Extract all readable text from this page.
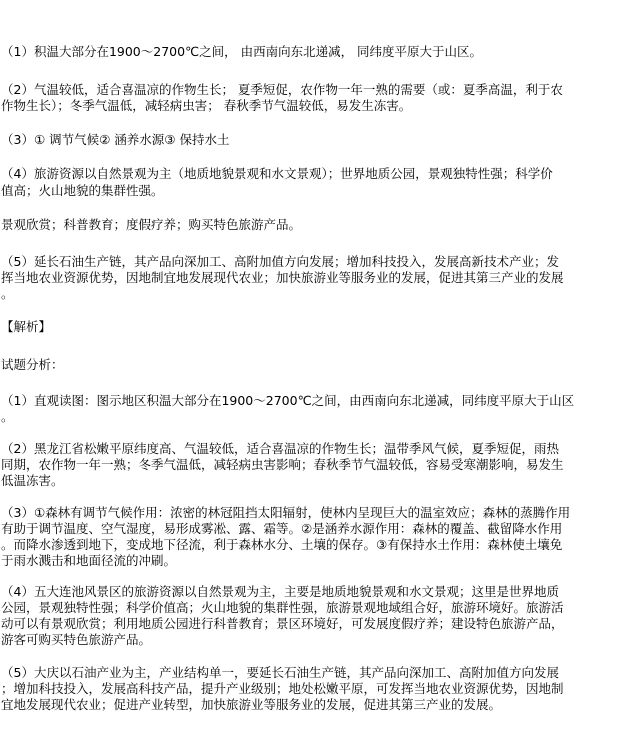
（1）积温大部分在1900～2700℃之间， 由西南向东北递减， 同纬度平原大于山区。
（2）气温较低，适合喜温凉的作物生长； 夏季短促，农作物一年一熟的需要（或：夏季高温，利于农
作物生长）；冬季气温低，减轻病虫害； 春秋季节气温较低，易发生冻害。
（3）① 调节气候② 涵养水源③ 保持水土
（4）旅游资源以自然景观为主（地质地貌景观和水文景观）；世界地质公园，景观独特性强；科学价
值高；火山地貌的集群性强。
景观欣赏；科普教育；度假疗养；购买特色旅游产品。
（5）延长石油生产链，其产品向深加工、高附加值方向发展；增加科技投入，发展高新技术产业；发
挥当地农业资源优势，因地制宜地发展现代农业；加快旅游业等服务业的发展，促进其第三产业的发展
。
【解析】
试题分析：
（1）直观读图：图示地区积温大部分在1900～2700℃之间，由西南向东北递减，同纬度平原大于山区
。
（2）黑龙江省松嫩平原纬度高、气温较低，适合喜温凉的作物生长；温带季风气候，夏季短促，雨热
同期，农作物一年一熟；冬季气温低，减轻病虫害影响；春秋季节气温较低，容易受寒潮影响，易发生
低温冻害。
（3）①森林有调节气候作用：浓密的林冠阻挡太阳辐射，使林内呈现巨大的温室效应；森林的蒸腾作用
有助于调节温度、空气湿度，易形成雾凇、露、霜等。②是涵养水源作用：森林的覆盖、截留降水作用
。而降水渗透到地下，变成地下径流，利于森林水分、土壤的保存。③有保持水土作用：森林使土壤免
于雨水溅击和地面径流的冲刷。
（4）五大连池风景区的旅游资源以自然景观为主，主要是地质地貌景观和水文景观；这里是世界地质
公园，景观独特性强；科学价值高；火山地貌的集群性强，旅游景观地域组合好，旅游环境好。旅游活
动可以有景观欣赏；利用地质公园进行科普教育；景区环境好，可发展度假疗养；建设特色旅游产品，
游客可购买特色旅游产品。
（5）大庆以石油产业为主，产业结构单一，要延长石油生产链，其产品向深加工、高附加值方向发展
；增加科技投入，发展高科技产品，提升产业级别；地处松嫩平原，可发挥当地农业资源优势，因地制
宜地发展现代农业；促进产业转型，加快旅游业等服务业的发展，促进其第三产业的发展。
